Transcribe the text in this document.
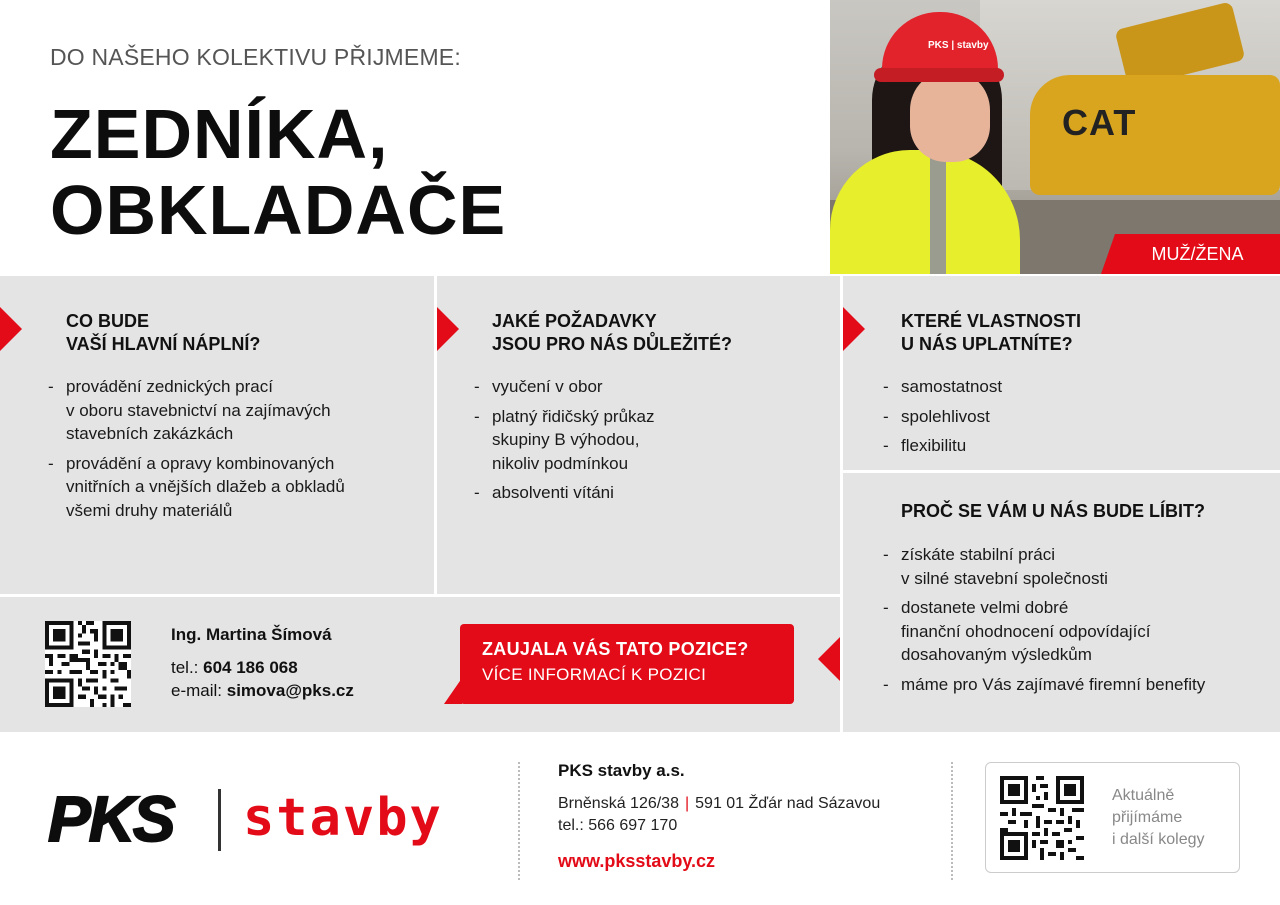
DO NAŠEHO KOLEKTIVU PŘIJMEME:
ZEDNÍKA,
OBKLADAČE
CAT
PKS | stavby
MUŽ/ŽENA
CO BUDE
VAŠÍ HLAVNÍ NÁPLNÍ?
- provádění zednických prací
v oboru stavebnictví na zajímavých
stavebních zakázkách
- provádění a opravy kombinovaných
vnitřních a vnějších dlažeb a obkladů
všemi druhy materiálů
JAKÉ POŽADAVKY
JSOU PRO NÁS DŮLEŽITÉ?
- vyučení v obor
- platný řidičský průkaz
skupiny B výhodou,
nikoliv podmínkou
- absolventi vítáni
KTERÉ VLASTNOSTI
U NÁS UPLATNÍTE?
- samostatnost
- spolehlivost
- flexibilitu
PROČ SE VÁM U NÁS BUDE LÍBIT?
- získáte stabilní práci
v silné stavební společnosti
- dostanete velmi dobré
finanční ohodnocení odpovídající
dosahovaným výsledkům
- máme pro Vás zajímavé firemní benefity
Ing. Martina Šímová
tel.: 604 186 068
e-mail: simova@pks.cz
ZAUJALA VÁS TATO POZICE?
VÍCE INFORMACÍ K POZICI
PKS stavby
PKS stavby a.s.
Brněnská 126/38 | 591 01 Žďár nad Sázavou
tel.: 566 697 170
www.pksstavby.cz
Aktuálně
přijímáme
i další kolegy
